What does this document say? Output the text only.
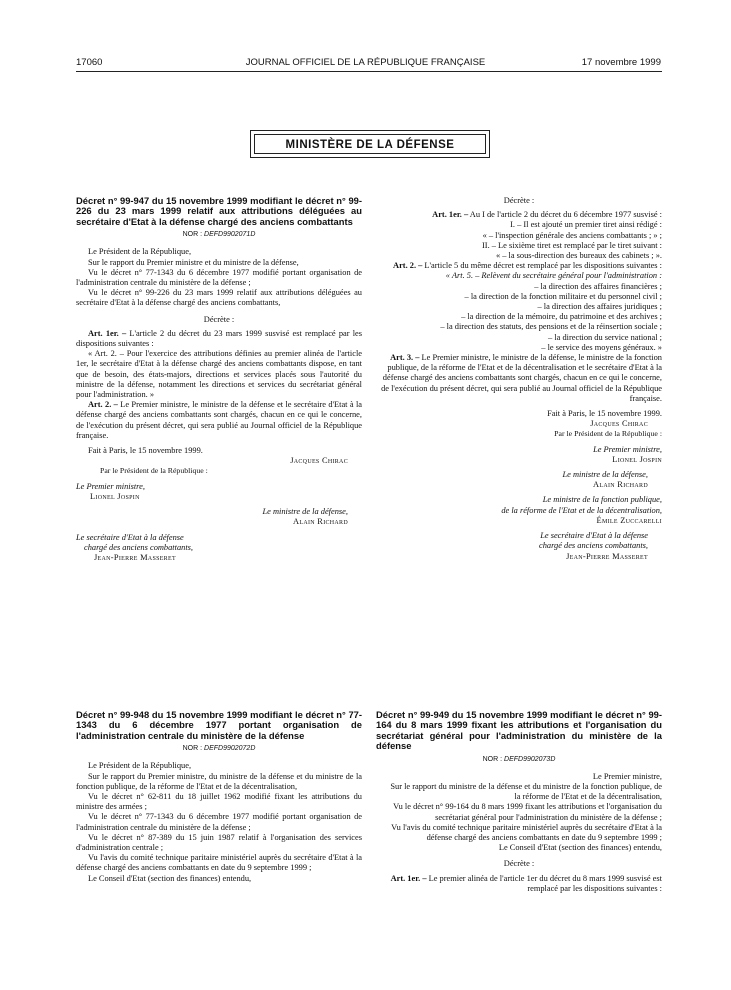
17060	JOURNAL OFFICIEL DE LA RÉPUBLIQUE FRANÇAISE	17 novembre 1999
MINISTÈRE DE LA DÉFENSE
Décret n° 99-947 du 15 novembre 1999 modifiant le décret n° 99-226 du 23 mars 1999 relatif aux attributions déléguées au secrétaire d'Etat à la défense chargé des anciens combattants
NOR : DEFD9902071D

Le Président de la République,

Sur le rapport du Premier ministre et du ministre de la défense,

Vu le décret n° 77-1343 du 6 décembre 1977 modifié portant organisation de l'administration centrale du ministère de la défense ;

Vu le décret n° 99-226 du 23 mars 1999 relatif aux attributions déléguées au secrétaire d'Etat à la défense chargé des anciens combattants,

Décrète :

Art. 1er. – L'article 2 du décret du 23 mars 1999 susvisé est remplacé par les dispositions suivantes :

« Art. 2. – Pour l'exercice des attributions définies au premier alinéa de l'article 1er, le secrétaire d'Etat à la défense chargé des anciens combattants dispose, en tant que de besoin, des états-majors, directions et services placés sous l'autorité du ministre de la défense, notamment les directions et services du secrétariat général pour l'administration. »

Art. 2. – Le Premier ministre, le ministre de la défense et le secrétaire d'Etat à la défense chargé des anciens combattants sont chargés, chacun en ce qui le concerne, de l'exécution du présent décret, qui sera publié au Journal officiel de la République française.

Fait à Paris, le 15 novembre 1999.

Jacques Chirac

Par le Président de la République :

Le Premier ministre,

Lionel Jospin

Le ministre de la défense,

Alain Richard

Le secrétaire d'Etat à la défense

chargé des anciens combattants,

Jean-Pierre Masseret

Décret n° 99-948 du 15 novembre 1999 modifiant le décret n° 77-1343 du 6 décembre 1977 portant organisation de l'administration centrale du ministère de la défense
NOR : DEFD9902072D

Le Président de la République,

Sur le rapport du Premier ministre, du ministre de la défense et du ministre de la fonction publique, de la réforme de l'Etat et de la décentralisation,

Vu le décret n° 62-811 du 18 juillet 1962 modifié fixant les attributions du ministre des armées ;

Vu le décret n° 77-1343 du 6 décembre 1977 modifié portant organisation de l'administration centrale du ministère de la défense ;

Vu le décret n° 87-389 du 15 juin 1987 relatif à l'organisation des services d'administration centrale ;

Vu l'avis du comité technique paritaire ministériel auprès du secrétaire d'Etat à la défense chargé des anciens combattants en date du 9 septembre 1999 ;

Le Conseil d'Etat (section des finances) entendu,

Décrète :

Art. 1er. – Au I de l'article 2 du décret du 6 décembre 1977 susvisé :

I. – Il est ajouté un premier tiret ainsi rédigé :

« – l'inspection générale des anciens combattants ; » ;

II. – Le sixième tiret est remplacé par le tiret suivant :

« – la sous-direction des bureaux des cabinets ; ».

Art. 2. – L'article 5 du même décret est remplacé par les dispositions suivantes :

« Art. 5. – Relèvent du secrétaire général pour l'administration :

– la direction des affaires financières ;

– la direction de la fonction militaire et du personnel civil ;

– la direction des affaires juridiques ;

– la direction de la mémoire, du patrimoine et des archives ;

– la direction des statuts, des pensions et de la réinsertion sociale ;

– la direction du service national ;

– le service des moyens généraux. »

Art. 3. – Le Premier ministre, le ministre de la défense, le ministre de la fonction publique, de la réforme de l'Etat et de la décentralisation et le secrétaire d'Etat à la défense chargé des anciens combattants sont chargés, chacun en ce qui le concerne, de l'exécution du présent décret, qui sera publié au Journal officiel de la République française.

Fait à Paris, le 15 novembre 1999.

Jacques Chirac

Par le Président de la République :

Le Premier ministre,

Lionel Jospin

Le ministre de la défense,

Alain Richard

Le ministre de la fonction publique,

de la réforme de l'Etat et de la décentralisation,

Émile Zuccarelli

Le secrétaire d'Etat à la défense

chargé des anciens combattants,

Jean-Pierre Masseret

Décret n° 99-949 du 15 novembre 1999 modifiant le décret n° 99-164 du 8 mars 1999 fixant les attributions et l'organisation du secrétariat général pour l'administration du ministère de la défense
NOR : DEFD9902073D

Le Premier ministre,

Sur le rapport du ministre de la défense et du ministre de la fonction publique, de la réforme de l'Etat et de la décentralisation,

Vu le décret n° 99-164 du 8 mars 1999 fixant les attributions et l'organisation du secrétariat général pour l'administration du ministère de la défense ;

Vu l'avis du comité technique paritaire ministériel auprès du secrétaire d'Etat à la défense chargé des anciens combattants en date du 9 septembre 1999 ;

Le Conseil d'Etat (section des finances) entendu,

Décrète :

Art. 1er. – Le premier alinéa de l'article 1er du décret du 8 mars 1999 susvisé est remplacé par les dispositions suivantes :
